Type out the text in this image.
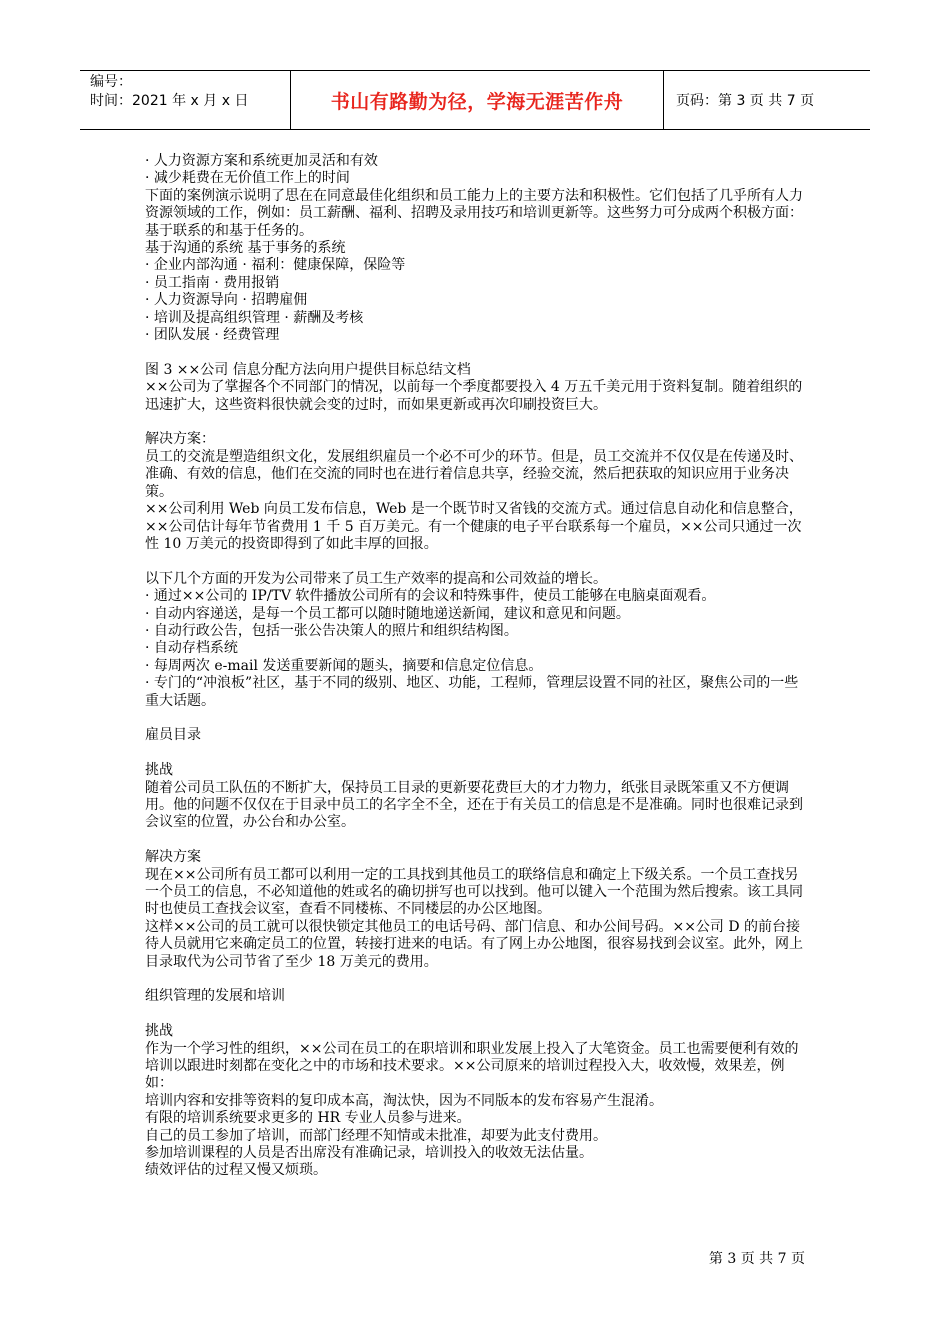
编号：
时间：2021 年 x 月 x 日	书山有路勤为径，学海无涯苦作舟	页码：第 3 页 共 7 页

· 人力资源方案和系统更加灵活和有效

· 减少耗费在无价值工作上的时间

下面的案例演示说明了思在在同意最佳化组织和员工能力上的主要方法和积极性。它们包括了几乎所有人力资源领域的工作，例如：员工薪酬、福利、招聘及录用技巧和培训更新等。这些努力可分成两个积极方面：基于联系的和基于任务的。

基于沟通的系统 基于事务的系统

· 企业内部沟通 · 福利：健康保障，保险等

· 员工指南 · 费用报销

· 人力资源导向 · 招聘雇佣

· 培训及提高组织管理 · 薪酬及考核

· 团队发展 · 经费管理

图 3 ××公司 信息分配方法向用户提供目标总结文档

××公司为了掌握各个不同部门的情况，以前每一个季度都要投入 4 万五千美元用于资料复制。随着组织的迅速扩大，这些资料很快就会变的过时，而如果更新或再次印刷投资巨大。

解决方案：

员工的交流是塑造组织文化，发展组织雇员一个必不可少的环节。但是，员工交流并不仅仅是在传递及时、准确、有效的信息，他们在交流的同时也在进行着信息共享，经验交流，然后把获取的知识应用于业务决策。

××公司利用 Web 向员工发布信息，Web 是一个既节时又省钱的交流方式。通过信息自动化和信息整合，××公司估计每年节省费用 1 千 5 百万美元。有一个健康的电子平台联系每一个雇员，××公司只通过一次性 10 万美元的投资即得到了如此丰厚的回报。

以下几个方面的开发为公司带来了员工生产效率的提高和公司效益的增长。

· 通过××公司的 IP/TV 软件播放公司所有的会议和特殊事件，使员工能够在电脑桌面观看。

· 自动内容递送，是每一个员工都可以随时随地递送新闻，建议和意见和问题。

· 自动行政公告，包括一张公告决策人的照片和组织结构图。

· 自动存档系统

· 每周两次 e-mail 发送重要新闻的题头，摘要和信息定位信息。

· 专门的“冲浪板”社区，基于不同的级别、地区、功能，工程师，管理层设置不同的社区，聚焦公司的一些重大话题。

雇员目录

挑战

随着公司员工队伍的不断扩大，保持员工目录的更新要花费巨大的才力物力，纸张目录既笨重又不方便调用。他的问题不仅仅在于目录中员工的名字全不全，还在于有关员工的信息是不是准确。同时也很难记录到会议室的位置，办公台和办公室。

解决方案

现在××公司所有员工都可以利用一定的工具找到其他员工的联络信息和确定上下级关系。一个员工查找另一个员工的信息，不必知道他的姓或名的确切拼写也可以找到。他可以键入一个范围为然后搜索。该工具同时也使员工查找会议室，查看不同楼栋、不同楼层的办公区地图。

这样××公司的员工就可以很快锁定其他员工的电话号码、部门信息、和办公间号码。××公司 D 的前台接待人员就用它来确定员工的位置，转接打进来的电话。有了网上办公地图，很容易找到会议室。此外，网上目录取代为公司节省了至少 18 万美元的费用。

组织管理的发展和培训

挑战

作为一个学习性的组织，××公司在员工的在职培训和职业发展上投入了大笔资金。员工也需要便利有效的培训以跟进时刻都在变化之中的市场和技术要求。××公司原来的培训过程投入大，收效慢，效果差，例如：

培训内容和安排等资料的复印成本高，淘汰快，因为不同版本的发布容易产生混淆。

有限的培训系统要求更多的 HR 专业人员参与进来。

自己的员工参加了培训，而部门经理不知情或未批准，却要为此支付费用。

参加培训课程的人员是否出席没有准确记录，培训投入的收效无法估量。

绩效评估的过程又慢又烦琐。

第 3 页 共 7 页
